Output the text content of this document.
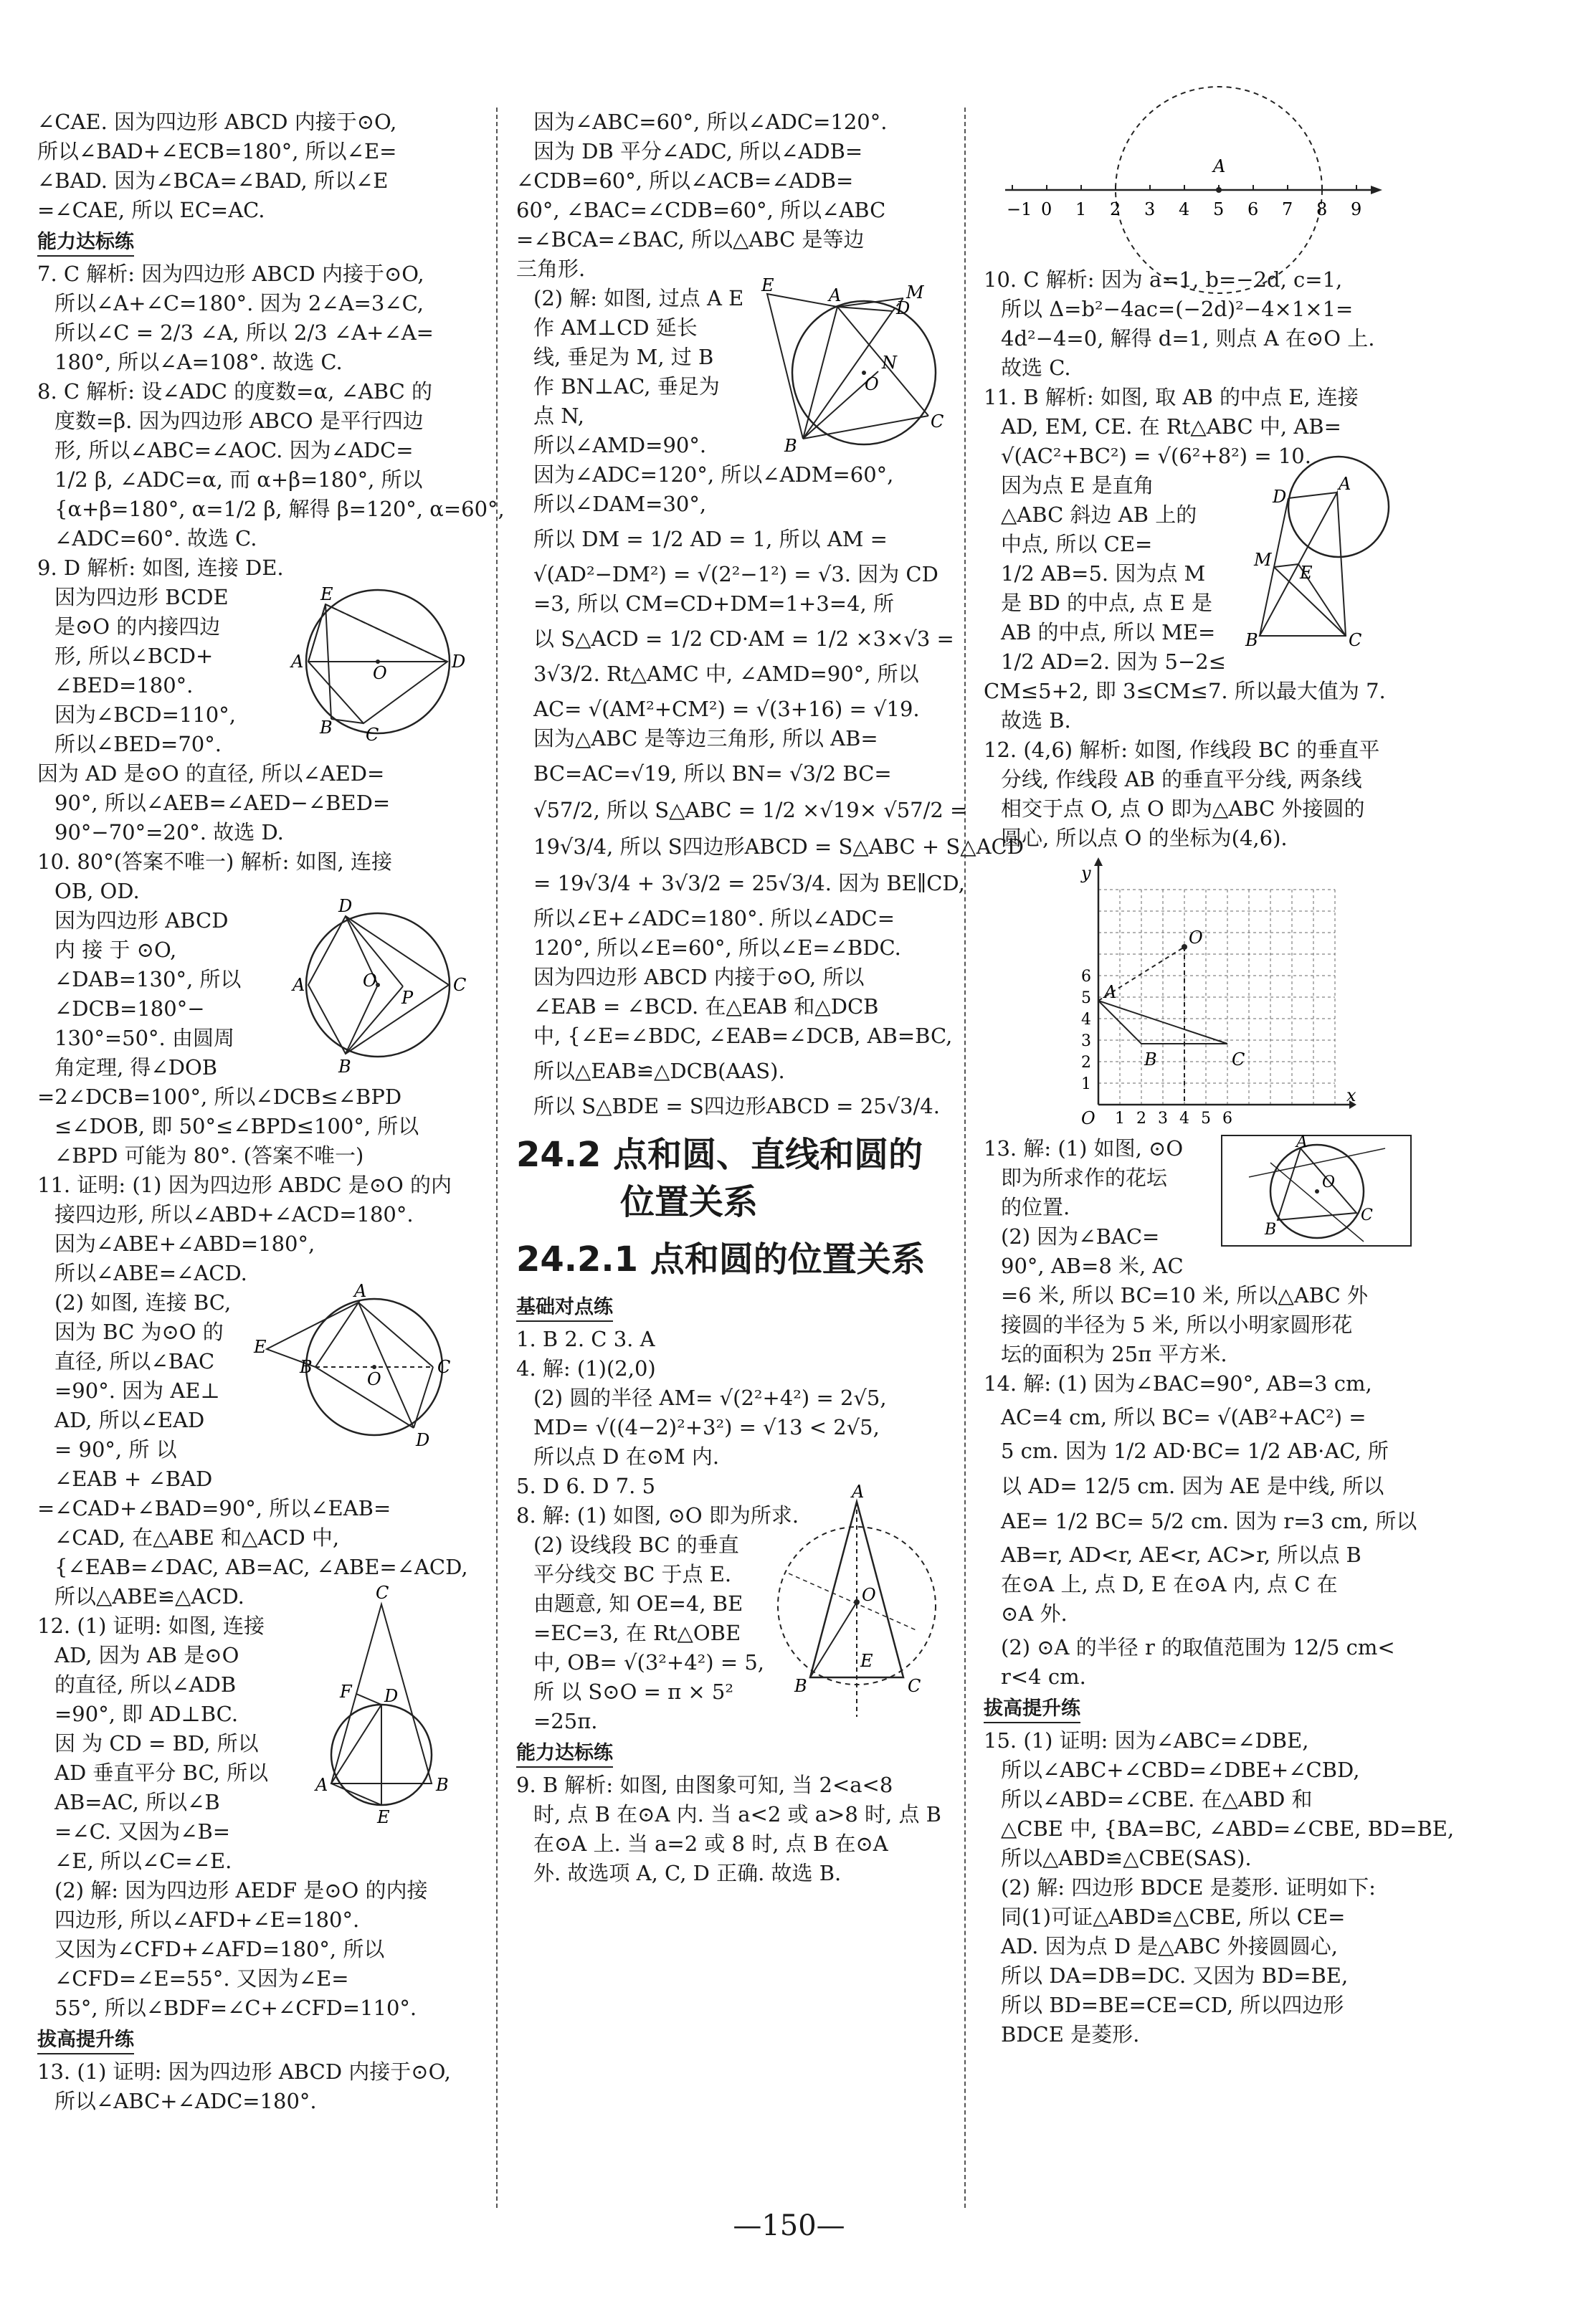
∠CAE. 因为四边形 ABCD 内接于⊙O,
所以∠BAD+∠ECB=180°, 所以∠E=
∠BAD. 因为∠BCA=∠BAD, 所以∠E
=∠CAE, 所以 EC=AC.
能力达标练
7. C 解析: 因为四边形 ABCD 内接于⊙O,
所以∠A+∠C=180°. 因为 2∠A=3∠C,
所以∠C = 2/3 ∠A, 所以 2/3 ∠A+∠A=
180°, 所以∠A=108°. 故选 C.
8. C 解析: 设∠ADC 的度数=α, ∠ABC 的
度数=β. 因为四边形 ABCO 是平行四边
形, 所以∠ABC=∠AOC. 因为∠ADC=
1/2 β, ∠ADC=α, 而 α+β=180°, 所以
{α+β=180°, α=1/2 β, 解得 β=120°, α=60°,
∠ADC=60°. 故选 C.
9. D 解析: 如图, 连接 DE.
因为四边形 BCDE
是⊙O 的内接四边
形, 所以∠BCD+
∠BED=180°.
因为∠BCD=110°,
所以∠BED=70°.
E
A
O
D
B C
因为 AD 是⊙O 的直径, 所以∠AED=
90°, 所以∠AEB=∠AED−∠BED=
90°−70°=20°. 故选 D.
10. 80°(答案不唯一) 解析: 如图, 连接
OB, OD.
因为四边形 ABCD
内 接 于 ⊙O,
∠DAB=130°, 所以
∠DCB=180°−
130°=50°. 由圆周
角定理, 得∠DOB
D
A	O
P
C
B
=2∠DCB=100°, 所以∠DCB≤∠BPD
≤∠DOB, 即 50°≤∠BPD≤100°, 所以
∠BPD 可能为 80°. (答案不唯一)
11. 证明: (1) 因为四边形 ABDC 是⊙O 的内
接四边形, 所以∠ABD+∠ACD=180°.
因为∠ABE+∠ABD=180°,
所以∠ABE=∠ACD.
(2) 如图, 连接 BC,
因为 BC 为⊙O 的
直径, 所以∠BAC
=90°. 因为 AE⊥
AD, 所以∠EAD
= 90°, 所 以
∠EAB + ∠BAD
E
A
B
O
C
D
=∠CAD+∠BAD=90°, 所以∠EAB=
∠CAD, 在△ABE 和△ACD 中,
{∠EAB=∠DAC, AB=AC, ∠ABE=∠ACD,
所以△ABE≌△ACD.
12. (1) 证明: 如图, 连接
AD, 因为 AB 是⊙O
的直径, 所以∠ADB
=90°, 即 AD⊥BC.
因 为 CD = BD, 所以
AD 垂直平分 BC, 所以
AB=AC, 所以∠B
=∠C. 又因为∠B=
∠E, 所以∠C=∠E.
C
F D
A	B
E
(2) 解: 因为四边形 AEDF 是⊙O 的内接
四边形, 所以∠AFD+∠E=180°.
又因为∠CFD+∠AFD=180°, 所以
∠CFD=∠E=55°. 又因为∠E=
55°, 所以∠BDF=∠C+∠CFD=110°.
拔高提升练
13. (1) 证明: 因为四边形 ABCD 内接于⊙O,
所以∠ABC+∠ADC=180°.
因为∠ABC=60°, 所以∠ADC=120°.
因为 DB 平分∠ADC, 所以∠ADB=
∠CDB=60°, 所以∠ACB=∠ADB=
60°, ∠BAC=∠CDB=60°, 所以∠ABC
=∠BCA=∠BAC, 所以△ABC 是等边
三角形.
(2) 解: 如图, 过点 A E
作 AM⊥CD 延长
线, 垂足为 M, 过 B
作 BN⊥AC, 垂足为
点 N,
所以∠AMD=90°.
E	A
D
M
N
O
B
C
因为∠ADC=120°, 所以∠ADM=60°,
所以∠DAM=30°,
所以 DM = 1/2 AD = 1, 所以 AM =
√(AD²−DM²) = √(2²−1²) = √3. 因为 CD
=3, 所以 CM=CD+DM=1+3=4, 所
以 S△ACD = 1/2 CD·AM = 1/2 ×3×√3 =
3√3/2. Rt△AMC 中, ∠AMD=90°, 所以
AC= √(AM²+CM²) = √(3+16) = √19.
因为△ABC 是等边三角形, 所以 AB=
BC=AC=√19, 所以 BN= √3/2 BC=
√57/2, 所以 S△ABC = 1/2 ×√19× √57/2 =
19√3/4, 所以 S四边形ABCD = S△ABC + S△ACD
= 19√3/4 + 3√3/2 = 25√3/4. 因为 BE∥CD,
所以∠E+∠ADC=180°. 所以∠ADC=
120°, 所以∠E=60°, 所以∠E=∠BDC.
因为四边形 ABCD 内接于⊙O, 所以
∠EAB = ∠BCD. 在△EAB 和△DCB
中, {∠E=∠BDC, ∠EAB=∠DCB, AB=BC,
所以△EAB≌△DCB(AAS).
所以 S△BDE = S四边形ABCD = 25√3/4.
24.2 点和圆、直线和圆的
位置关系
24.2.1 点和圆的位置关系
基础对点练
1. B 2. C 3. A
4. 解: (1)(2,0)
(2) 圆的半径 AM= √(2²+4²) = 2√5,
MD= √((4−2)²+3²) = √13 < 2√5,
所以点 D 在⊙M 内.
5. D 6. D 7. 5
8. 解: (1) 如图, ⊙O 即为所求.
(2) 设线段 BC 的垂直
平分线交 BC 于点 E.
由题意, 知 OE=4, BE
=EC=3, 在 Rt△OBE
中, OB= √(3²+4²) = 5,
所 以 S⊙O = π × 5²
=25π.
A
O
E
B	C
能力达标练
9. B 解析: 如图, 由图象可知, 当 2<a<8
时, 点 B 在⊙A 内. 当 a<2 或 a>8 时, 点 B
在⊙A 上. 当 a=2 或 8 时, 点 B 在⊙A
外. 故选项 A, C, D 正确. 故选 B.
−1 0 1 2 3 4 5 6 7 8 9
A
10. C 解析: 因为 a=1, b=−2d, c=1,
所以 Δ=b²−4ac=(−2d)²−4×1×1=
4d²−4=0, 解得 d=1, 则点 A 在⊙O 上.
故选 C.
11. B 解析: 如图, 取 AB 的中点 E, 连接
AD, EM, CE. 在 Rt△ABC 中, AB=
√(AC²+BC²) = √(6²+8²) = 10.
因为点 E 是直角
△ABC 斜边 AB 上的
中点, 所以 CE=
1/2 AB=5. 因为点 M
是 BD 的中点, 点 E 是
AB 的中点, 所以 ME=
1/2 AD=2. 因为 5−2≤
D
A
M
E
B	C
CM≤5+2, 即 3≤CM≤7. 所以最大值为 7.
故选 B.
12. (4,6) 解析: 如图, 作线段 BC 的垂直平
分线, 作线段 AB 的垂直平分线, 两条线
相交于点 O, 点 O 即为△ABC 外接圆的
圆心, 所以点 O 的坐标为(4,6).
1 2 3 4 5 6
1
2
3
4
5
6
y
x
O
A
B	C
O
13. 解: (1) 如图, ⊙O
即为所求作的花坛
的位置.
(2) 因为∠BAC=
90°, AB=8 米, AC
A
O
B
C
=6 米, 所以 BC=10 米, 所以△ABC 外
接圆的半径为 5 米, 所以小明家圆形花
坛的面积为 25π 平方米.
14. 解: (1) 因为∠BAC=90°, AB=3 cm,
AC=4 cm, 所以 BC= √(AB²+AC²) =
5 cm. 因为 1/2 AD·BC= 1/2 AB·AC, 所
以 AD= 12/5 cm. 因为 AE 是中线, 所以
AE= 1/2 BC= 5/2 cm. 因为 r=3 cm, 所以
AB=r, AD<r, AE<r, AC>r, 所以点 B
在⊙A 上, 点 D, E 在⊙A 内, 点 C 在
⊙A 外.
(2) ⊙A 的半径 r 的取值范围为 12/5 cm<
r<4 cm.
拔高提升练
15. (1) 证明: 因为∠ABC=∠DBE,
所以∠ABC+∠CBD=∠DBE+∠CBD,
所以∠ABD=∠CBE. 在△ABD 和
△CBE 中, {BA=BC, ∠ABD=∠CBE, BD=BE,
所以△ABD≌△CBE(SAS).
(2) 解: 四边形 BDCE 是菱形. 证明如下:
同(1)可证△ABD≌△CBE, 所以 CE=
AD. 因为点 D 是△ABC 外接圆圆心,
所以 DA=DB=DC. 又因为 BD=BE,
所以 BD=BE=CE=CD, 所以四边形
BDCE 是菱形.
—150—
